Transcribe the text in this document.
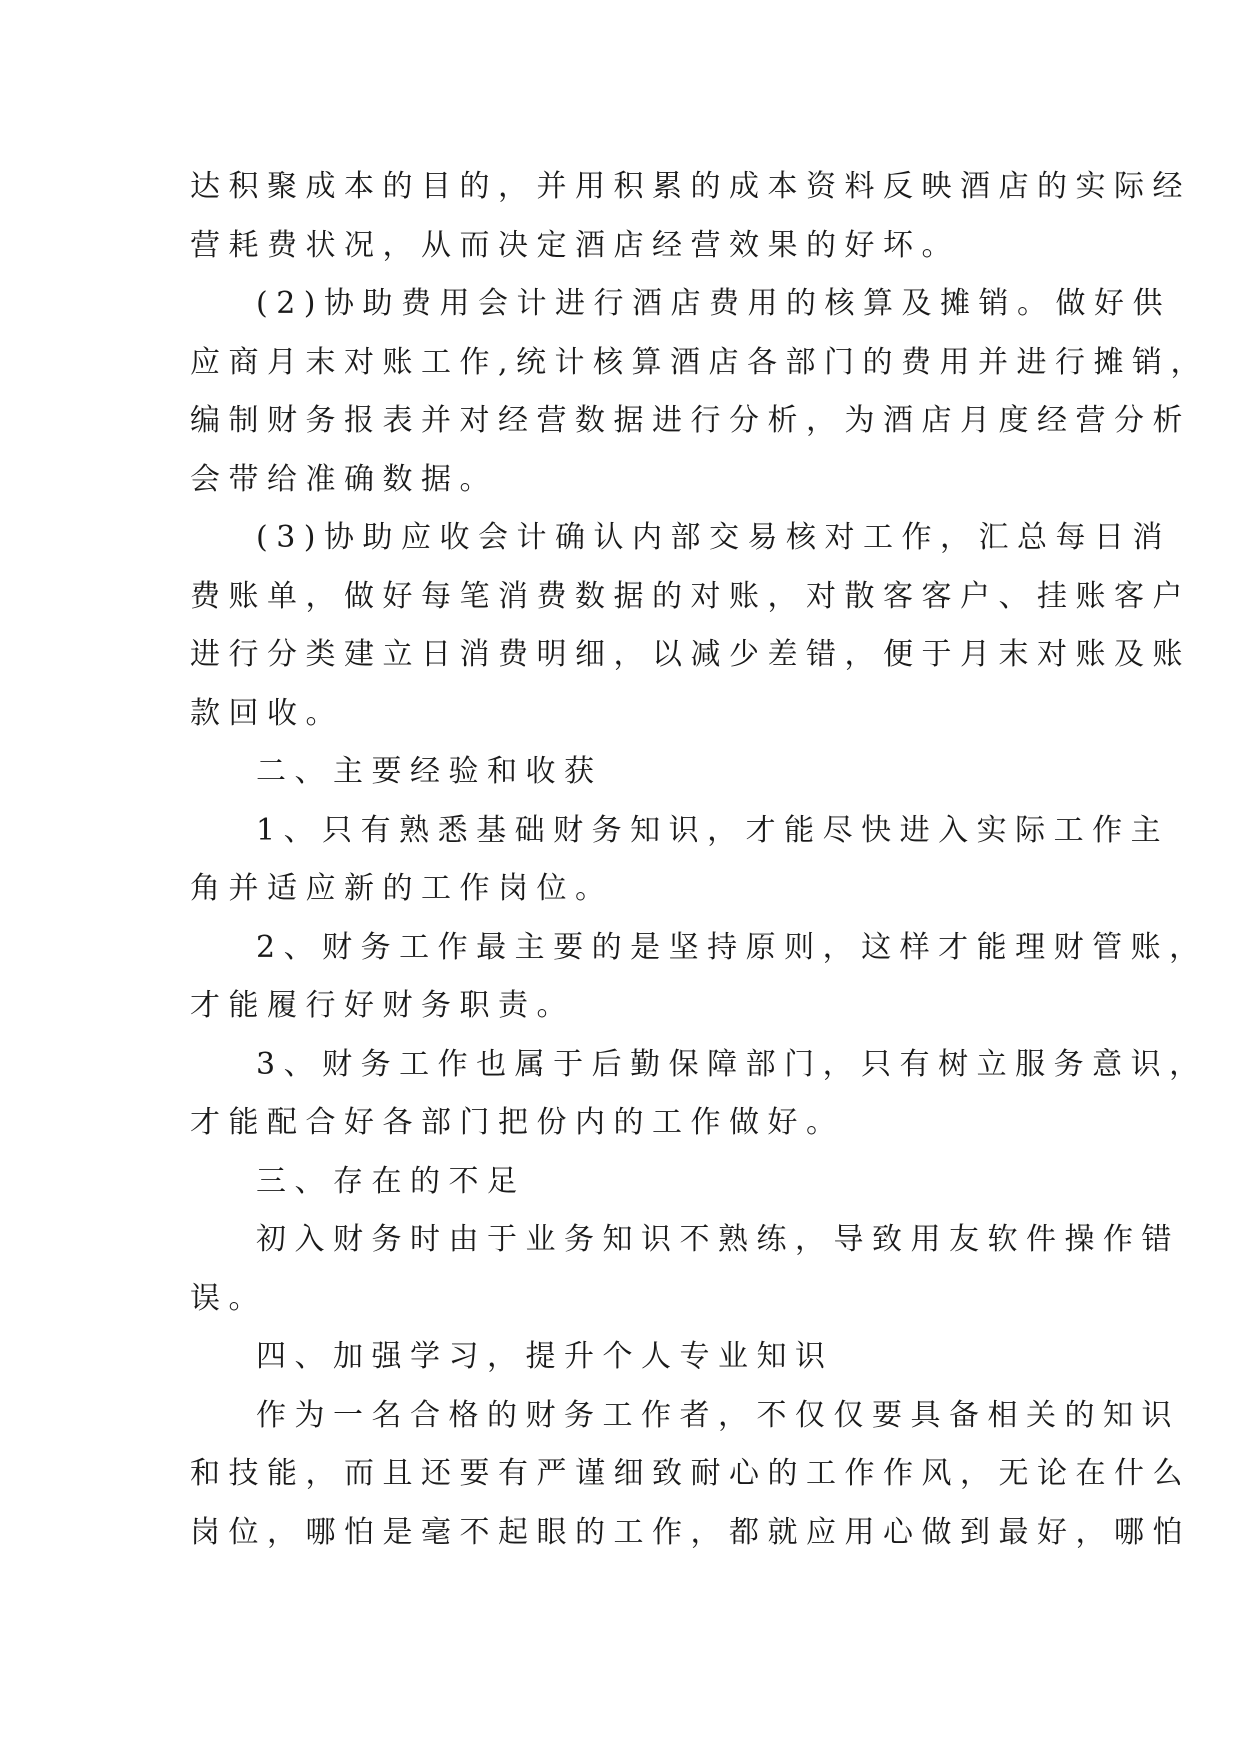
达积聚成本的目的，并用积累的成本资料反映酒店的实际经
营耗费状况，从而决定酒店经营效果的好坏。
(2)协助费用会计进行酒店费用的核算及摊销。做好供
应商月末对账工作,统计核算酒店各部门的费用并进行摊销，
编制财务报表并对经营数据进行分析，为酒店月度经营分析
会带给准确数据。
(3)协助应收会计确认内部交易核对工作，汇总每日消
费账单，做好每笔消费数据的对账，对散客客户、挂账客户
进行分类建立日消费明细，以减少差错，便于月末对账及账
款回收。
二、主要经验和收获
1、只有熟悉基础财务知识，才能尽快进入实际工作主
角并适应新的工作岗位。
2、财务工作最主要的是坚持原则，这样才能理财管账，
才能履行好财务职责。
3、财务工作也属于后勤保障部门，只有树立服务意识，
才能配合好各部门把份内的工作做好。
三、存在的不足
初入财务时由于业务知识不熟练，导致用友软件操作错
误。
四、加强学习，提升个人专业知识
作为一名合格的财务工作者，不仅仅要具备相关的知识
和技能，而且还要有严谨细致耐心的工作作风，无论在什么
岗位，哪怕是毫不起眼的工作，都就应用心做到最好，哪怕
